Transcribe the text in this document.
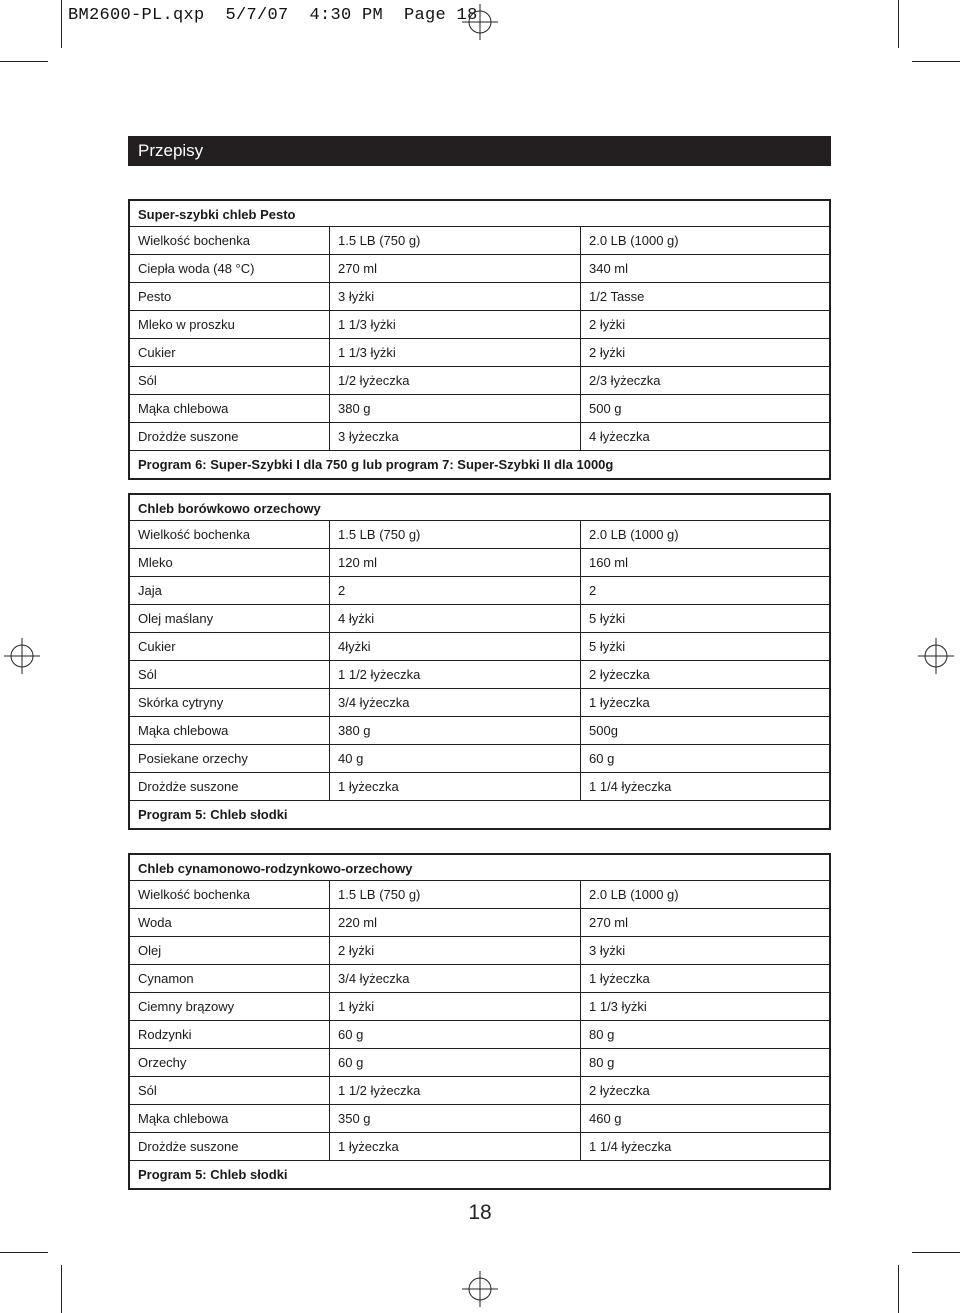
BM2600-PL.qxp  5/7/07  4:30 PM  Page 18
Przepisy
Super-szybki chleb Pesto
Wielkość bochenka	1.5 LB (750 g)	2.0 LB (1000 g)
Ciepła woda (48 °C)	270 ml	340 ml
Pesto	3 łyżki	1/2 Tasse
Mleko w proszku	1 1/3 łyżki	2 łyżki
Cukier	1 1/3 łyżki	2 łyżki
Sól	1/2 łyżeczka	2/3 łyżeczka
Mąka chlebowa	380 g	500 g
Drożdże suszone	3 łyżeczka	4 łyżeczka
Program 6: Super-Szybki I dla 750 g lub program 7: Super-Szybki II dla 1000g
Chleb borówkowo orzechowy
Wielkość bochenka	1.5 LB (750 g)	2.0 LB (1000 g)
Mleko	120 ml	160 ml
Jaja	2	2
Olej maślany	4 łyżki	5 łyżki
Cukier	4łyżki	5 łyżki
Sól	1 1/2 łyżeczka	2 łyżeczka
Skórka cytryny	3/4 łyżeczka	1 łyżeczka
Mąka chlebowa	380 g	500g
Posiekane orzechy	40 g	60 g
Drożdże suszone	1 łyżeczka	1 1/4 łyżeczka
Program 5: Chleb słodki
Chleb cynamonowo-rodzynkowo-orzechowy
Wielkość bochenka	1.5 LB (750 g)	2.0 LB (1000 g)
Woda	220 ml	270 ml
Olej	2 łyżki	3 łyżki
Cynamon	3/4 łyżeczka	1 łyżeczka
Ciemny brązowy	1 łyżki	1 1/3 łyżki
Rodzynki	60 g	80 g
Orzechy	60 g	80 g
Sól	1 1/2 łyżeczka	2 łyżeczka
Mąka chlebowa	350 g	460 g
Drożdże suszone	1 łyżeczka	1 1/4 łyżeczka
Program 5: Chleb słodki
18
